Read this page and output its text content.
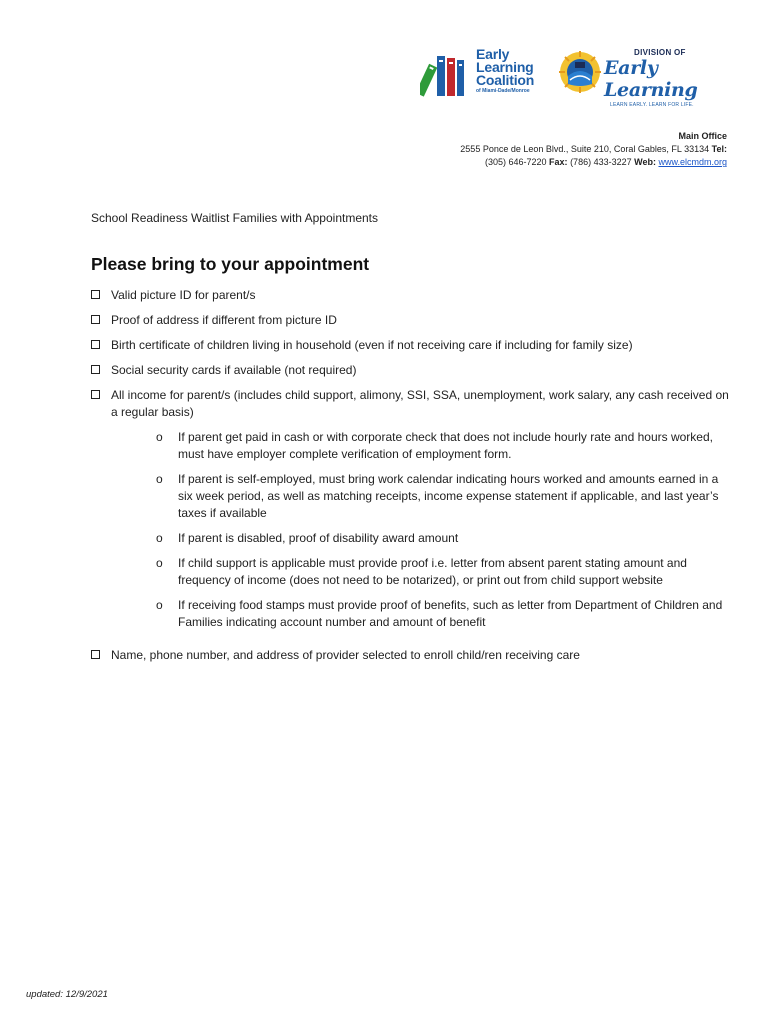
Early
Learning
Coalition
of Miami-Dade/Monroe
DIVISION OF
Early Learning
LEARN EARLY. LEARN FOR LIFE.
Main Office
2555 Ponce de Leon Blvd., Suite 210, Coral Gables, FL 33134 Tel:
(305) 646-7220 Fax: (786) 433-3227 Web: www.elcmdm.org
School Readiness Waitlist Families with Appointments
Please bring to your appointment
Valid picture ID for parent/s
Proof of address if different from picture ID
Birth certificate of children living in household (even if not receiving care if including for family size)
Social security cards if available (not required)
All income for parent/s (includes child support, alimony, SSI, SSA, unemployment, work salary, any cash received on a regular basis)
o	If parent get paid in cash or with corporate check that does not include hourly rate and hours worked, must have employer complete verification of employment form.
o	If parent is self-employed, must bring work calendar indicating hours worked and amounts earned in a six week period, as well as matching receipts, income expense statement if applicable, and last year’s taxes if available
o	If parent is disabled, proof of disability award amount
o	If child support is applicable must provide proof i.e. letter from absent parent stating amount and frequency of income (does not need to be notarized), or print out from child support website
o	If receiving food stamps must provide proof of benefits, such as letter from Department of Children and Families indicating account number and amount of benefit
Name, phone number, and address of provider selected to enroll child/ren receiving care
updated: 12/9/2021
